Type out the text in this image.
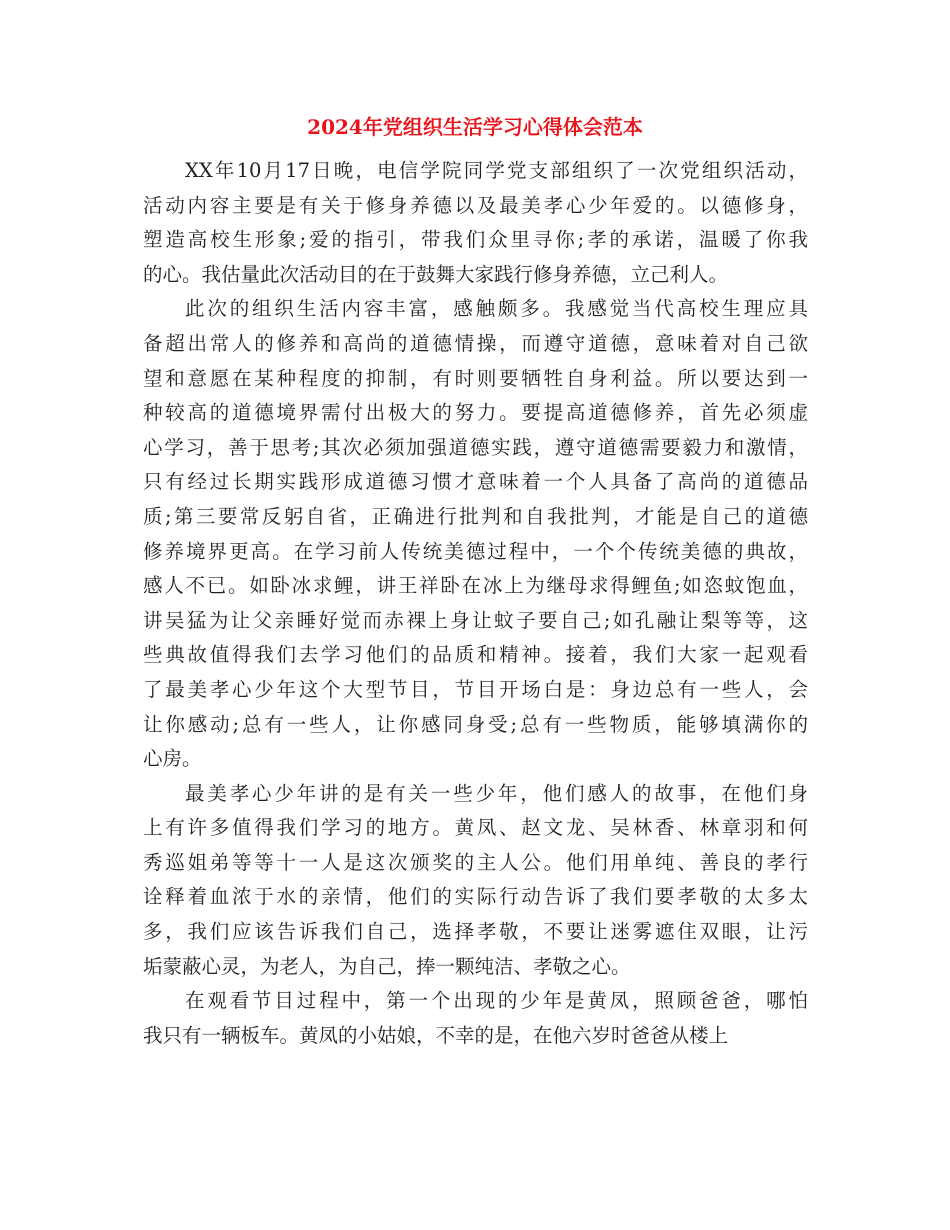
2024年党组织生活学习心得体会范本
XX年10月17日晚，电信学院同学党支部组织了一次党组织活动，
活动内容主要是有关于修身养德以及最美孝心少年爱的。以德修身，
塑造高校生形象;爱的指引，带我们众里寻你;孝的承诺，温暖了你我
的心。我估量此次活动目的在于鼓舞大家践行修身养德，立己利人。
此次的组织生活内容丰富，感触颇多。我感觉当代高校生理应具
备超出常人的修养和高尚的道德情操，而遵守道德，意味着对自己欲
望和意愿在某种程度的抑制，有时则要牺牲自身利益。所以要达到一
种较高的道德境界需付出极大的努力。要提高道德修养，首先必须虚
心学习，善于思考;其次必须加强道德实践，遵守道德需要毅力和激情，
只有经过长期实践形成道德习惯才意味着一个人具备了高尚的道德品
质;第三要常反躬自省，正确进行批判和自我批判，才能是自己的道德
修养境界更高。在学习前人传统美德过程中，一个个传统美德的典故，
感人不已。如卧冰求鲤，讲王祥卧在冰上为继母求得鲤鱼;如恣蚊饱血，
讲吴猛为让父亲睡好觉而赤裸上身让蚊子要自己;如孔融让梨等等，这
些典故值得我们去学习他们的品质和精神。接着，我们大家一起观看
了最美孝心少年这个大型节目，节目开场白是：身边总有一些人，会
让你感动;总有一些人，让你感同身受;总有一些物质，能够填满你的
心房。
最美孝心少年讲的是有关一些少年，他们感人的故事，在他们身
上有许多值得我们学习的地方。黄凤、赵文龙、吴林香、林章羽和何
秀巡姐弟等等十一人是这次颁奖的主人公。他们用单纯、善良的孝行
诠释着血浓于水的亲情，他们的实际行动告诉了我们要孝敬的太多太
多，我们应该告诉我们自己，选择孝敬，不要让迷雾遮住双眼，让污
垢蒙蔽心灵，为老人，为自己，捧一颗纯洁、孝敬之心。
在观看节目过程中，第一个出现的少年是黄凤，照顾爸爸，哪怕
我只有一辆板车。黄凤的小姑娘，不幸的是，在他六岁时爸爸从楼上
